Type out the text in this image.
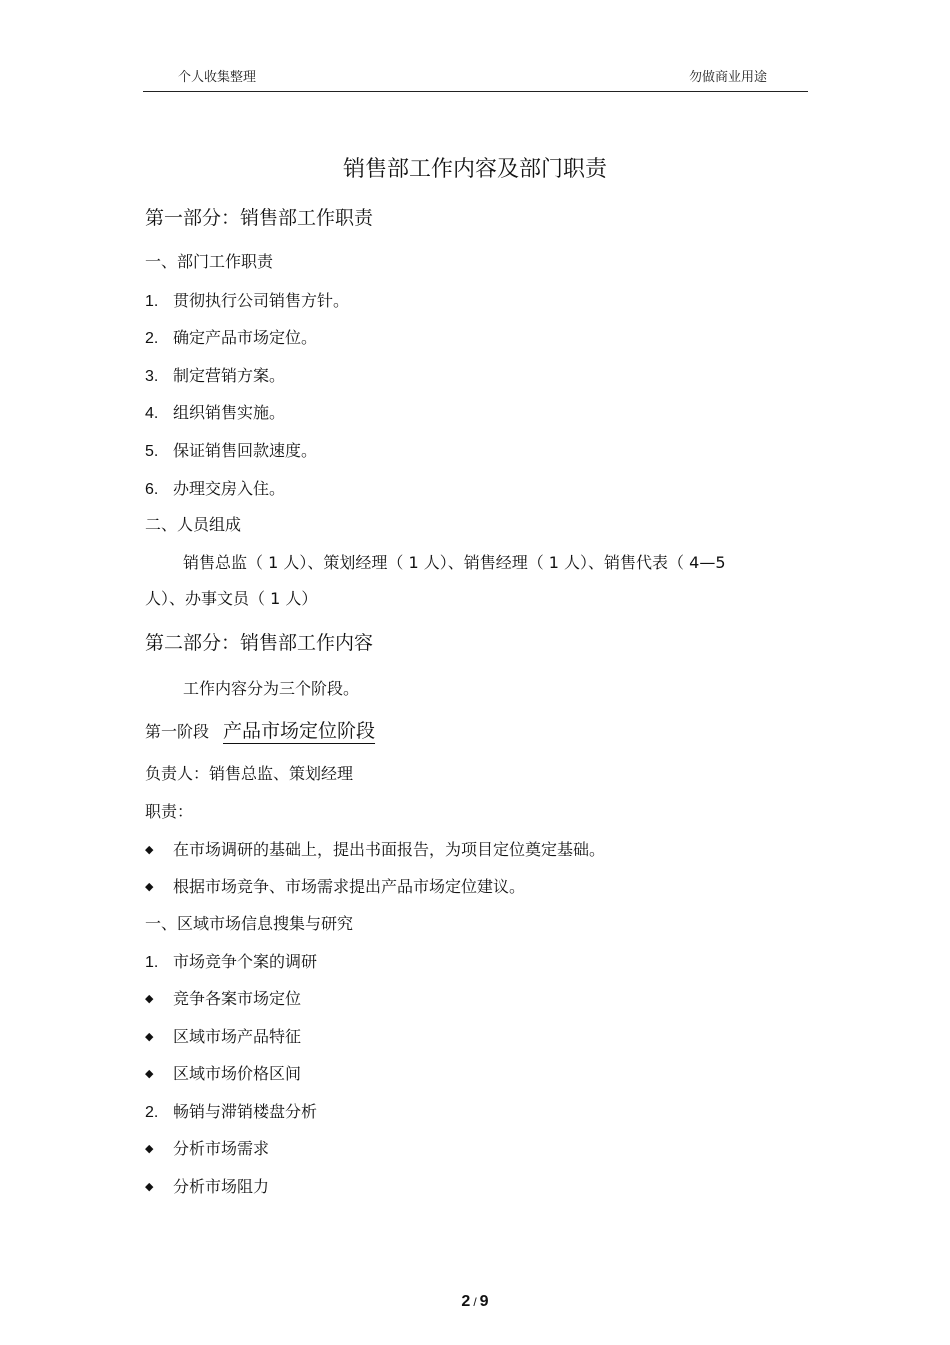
个人收集整理	勿做商业用途
销售部工作内容及部门职责
第一部分：销售部工作职责
一、部门工作职责
1. 贯彻执行公司销售方针。
2. 确定产品市场定位。
3. 制定营销方案。
4. 组织销售实施。
5. 保证销售回款速度。
6. 办理交房入住。
二、人员组成
销售总监（ 1 人）、策划经理（ 1 人）、销售经理（ 1 人）、销售代表（ 4—5
人）、办事文员（ 1 人）
第二部分：销售部工作内容
工作内容分为三个阶段。
第一阶段 产品市场定位阶段
负责人：销售总监、策划经理
职责：
◆ 在市场调研的基础上，提出书面报告，为项目定位奠定基础。
◆ 根据市场竞争、市场需求提出产品市场定位建议。
一、区域市场信息搜集与研究
1. 市场竞争个案的调研
◆ 竞争各案市场定位
◆ 区域市场产品特征
◆ 区域市场价格区间
2. 畅销与滞销楼盘分析
◆ 分析市场需求
◆ 分析市场阻力
2 / 9
